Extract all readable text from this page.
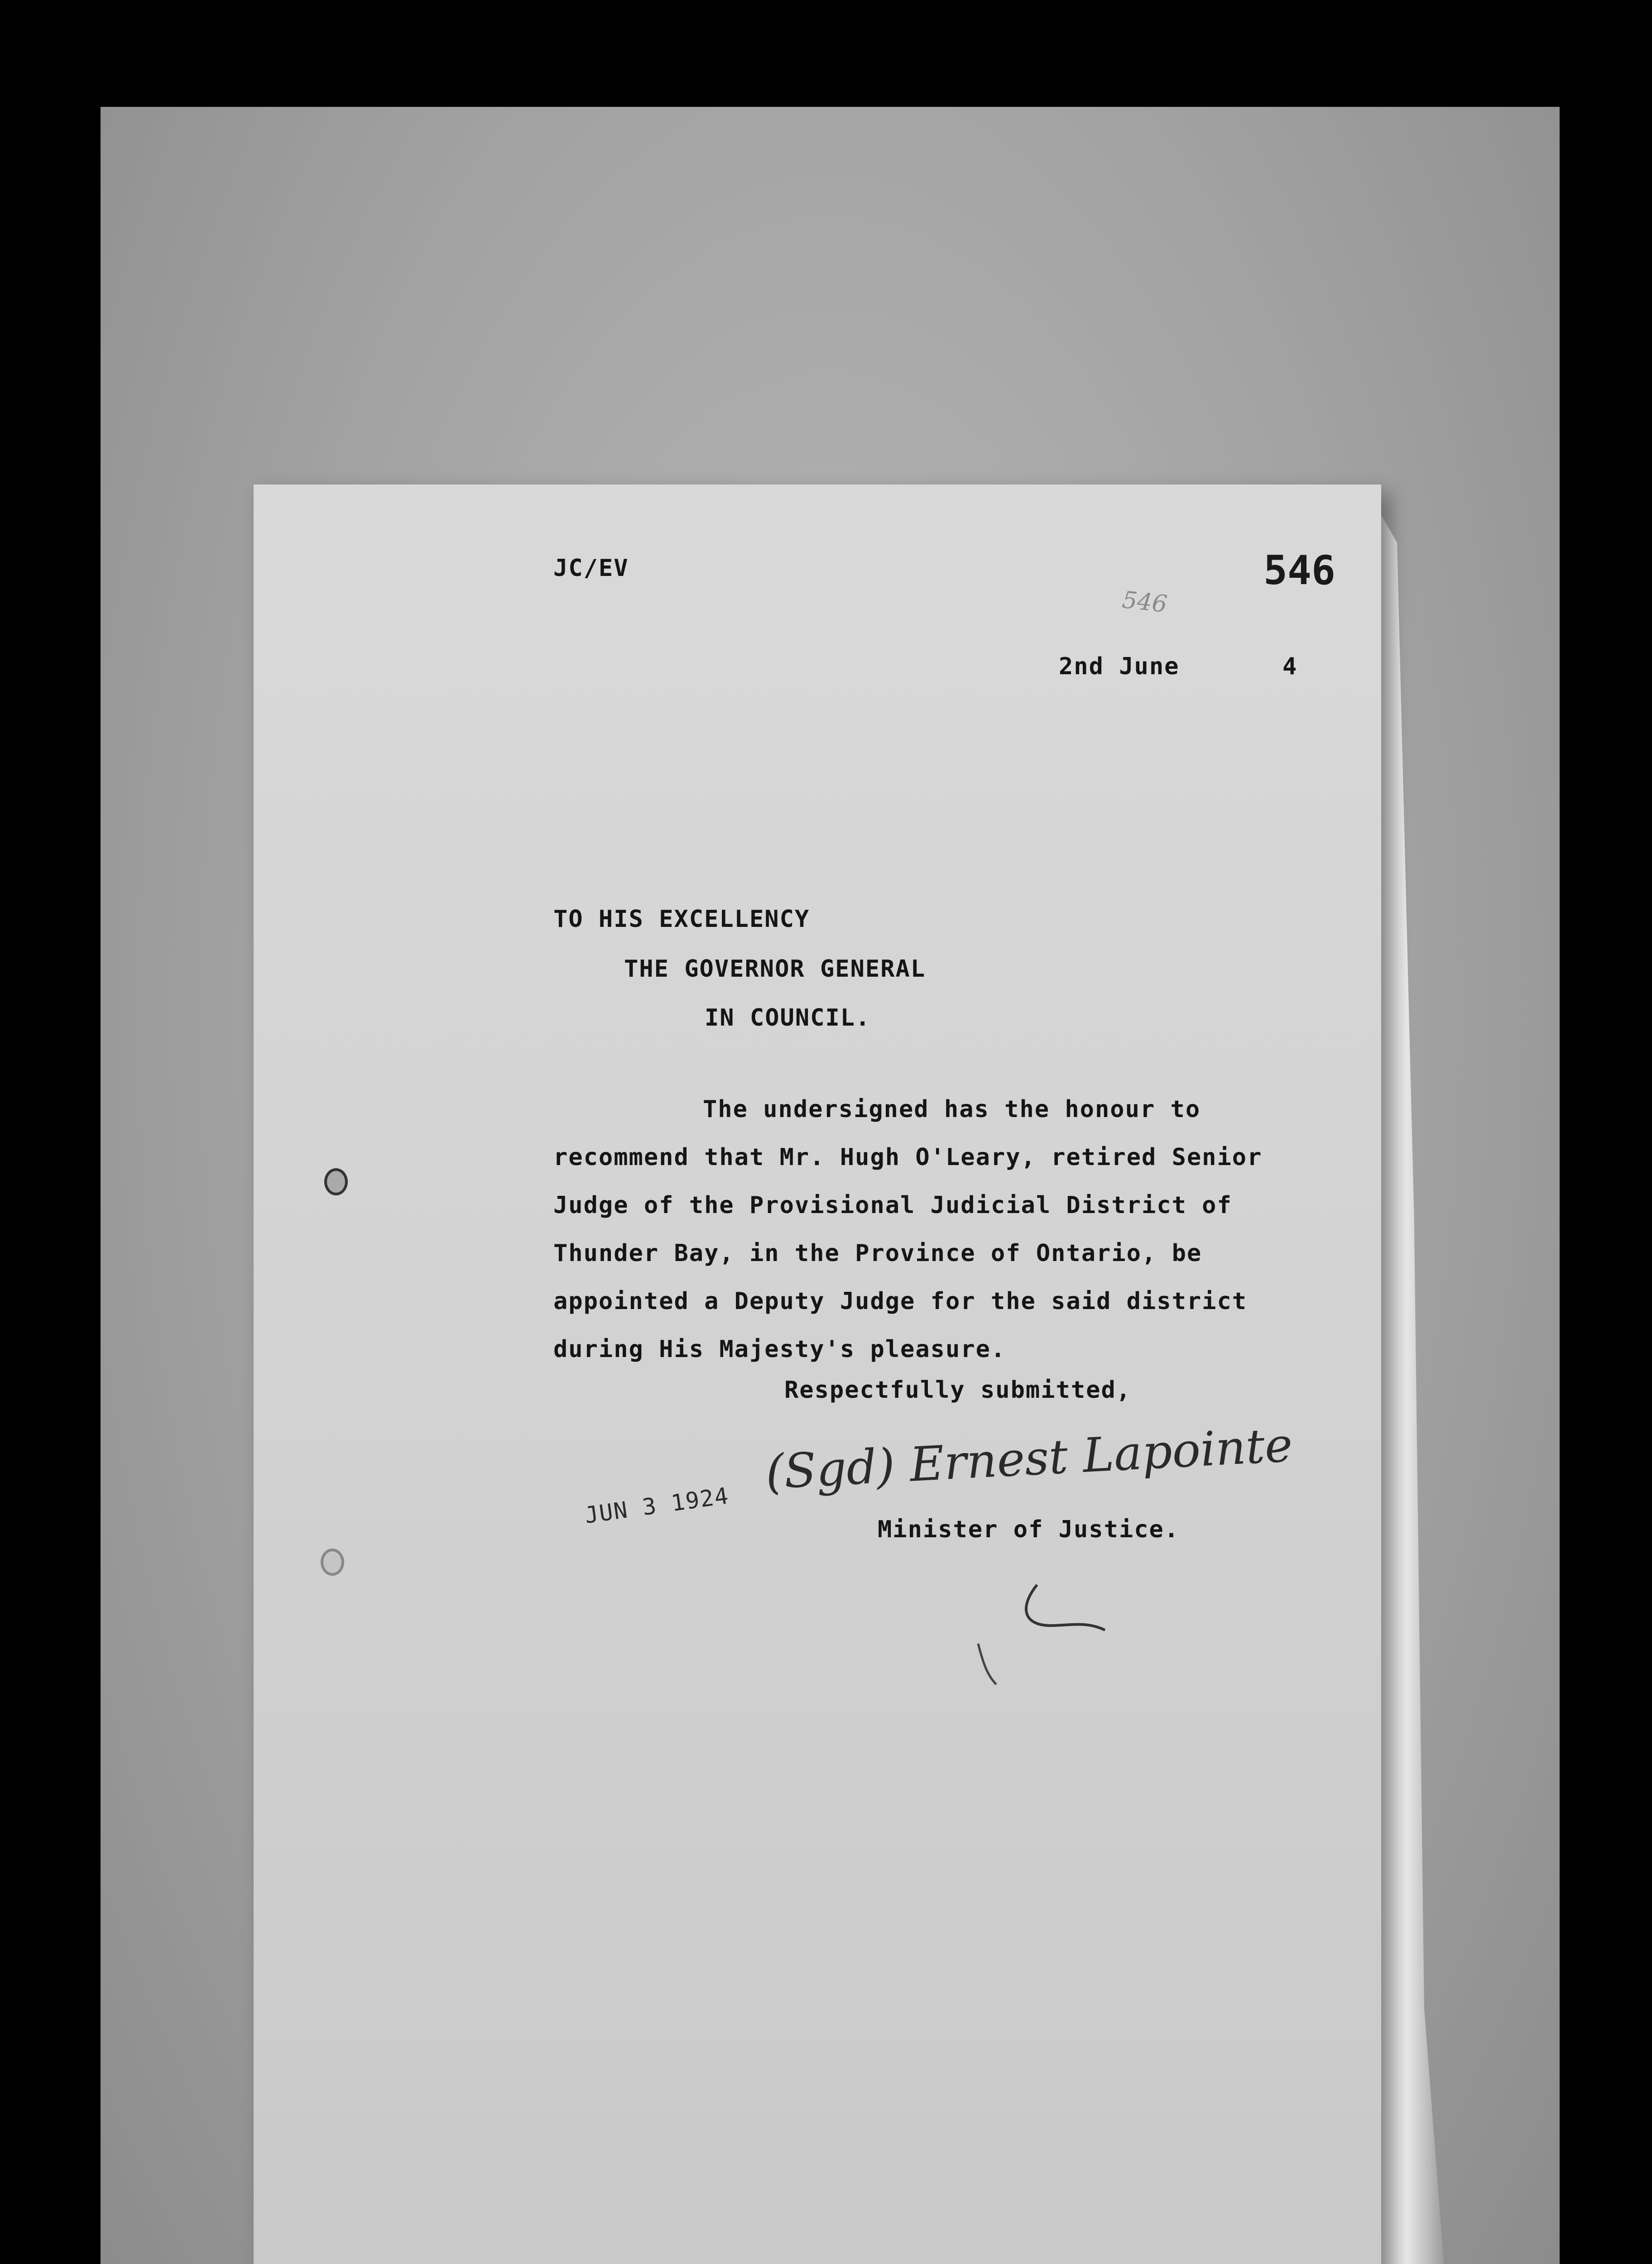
JC/EV

546

546

2nd June	4

TO HIS EXCELLENCY

THE GOVERNOR GENERAL

IN COUNCIL.

The undersigned has the honour to

recommend that Mr. Hugh O'Leary, retired Senior

Judge of the Provisional Judicial District of

Thunder Bay, in the Province of Ontario, be

appointed a Deputy Judge for the said district

during His Majesty's pleasure.

Respectfully submitted,

(Sgd) Ernest Lapointe

JUN 3 1924

Minister of Justice.
